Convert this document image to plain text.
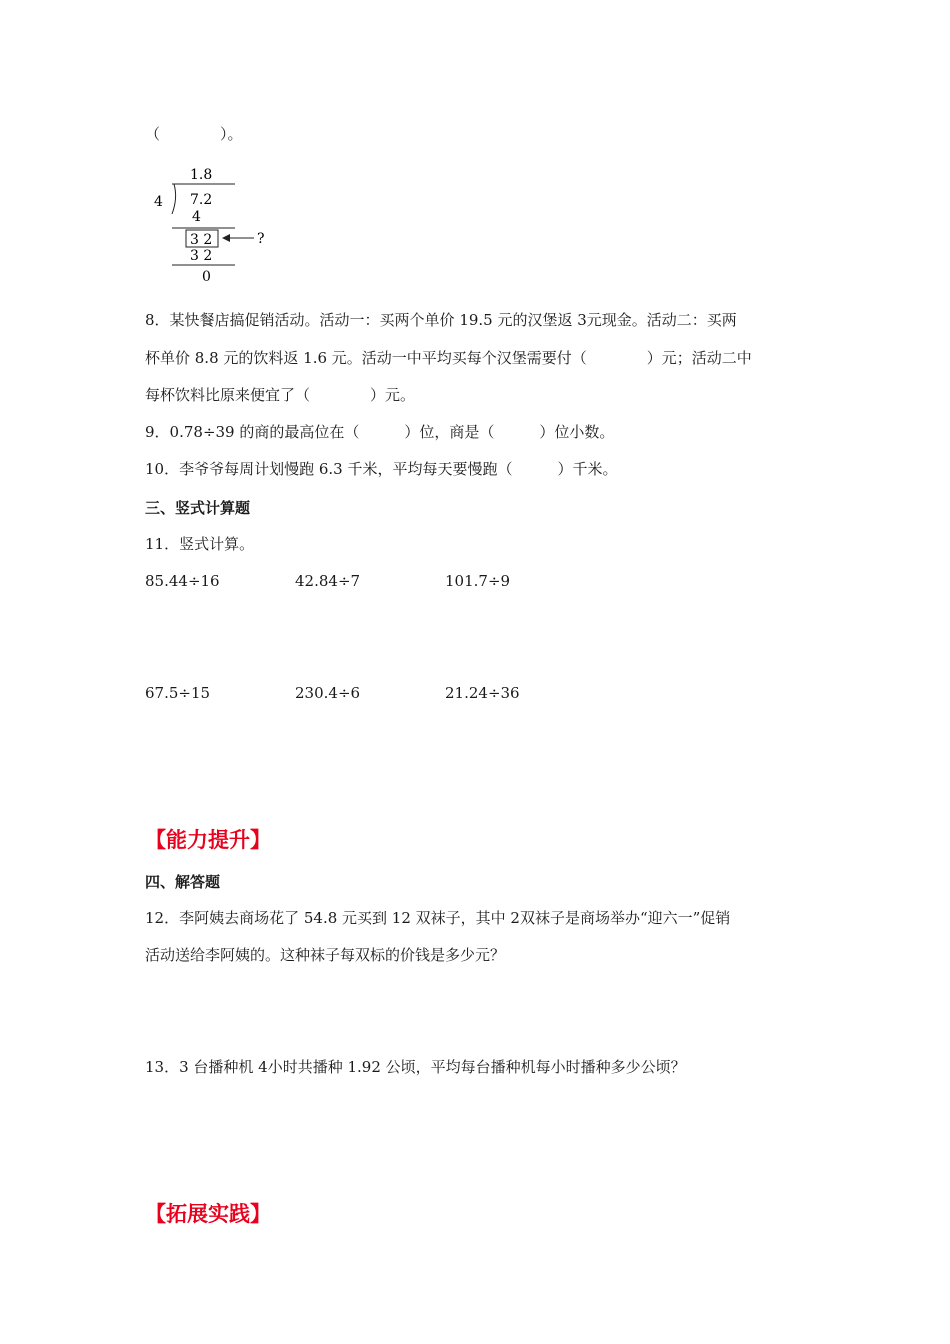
（　　　　）。
1.8
4 7.2
4
3 2	?
3 2
0
8．某快餐店搞促销活动。活动一：买两个单价 19.5 元的汉堡返 3元现金。活动二：买两
杯单价 8.8 元的饮料返 1.6 元。活动一中平均买每个汉堡需要付（　　　　）元；活动二中
每杯饮料比原来便宜了（　　　　）元。
9．0.78÷39 的商的最高位在（　　　）位，商是（　　　）位小数。
10．李爷爷每周计划慢跑 6.3 千米，平均每天要慢跑（　　　）千米。
三、竖式计算题
11．竖式计算。
85.44÷16	42.84÷7	101.7÷9
67.5÷15	230.4÷6	21.24÷36
【能力提升】
四、解答题
12．李阿姨去商场花了 54.8 元买到 12 双袜子，其中 2双袜子是商场举办“迎六一”促销
活动送给李阿姨的。这种袜子每双标的价钱是多少元？
13．3 台播种机 4小时共播种 1.92 公顷，平均每台播种机每小时播种多少公顷？
【拓展实践】
